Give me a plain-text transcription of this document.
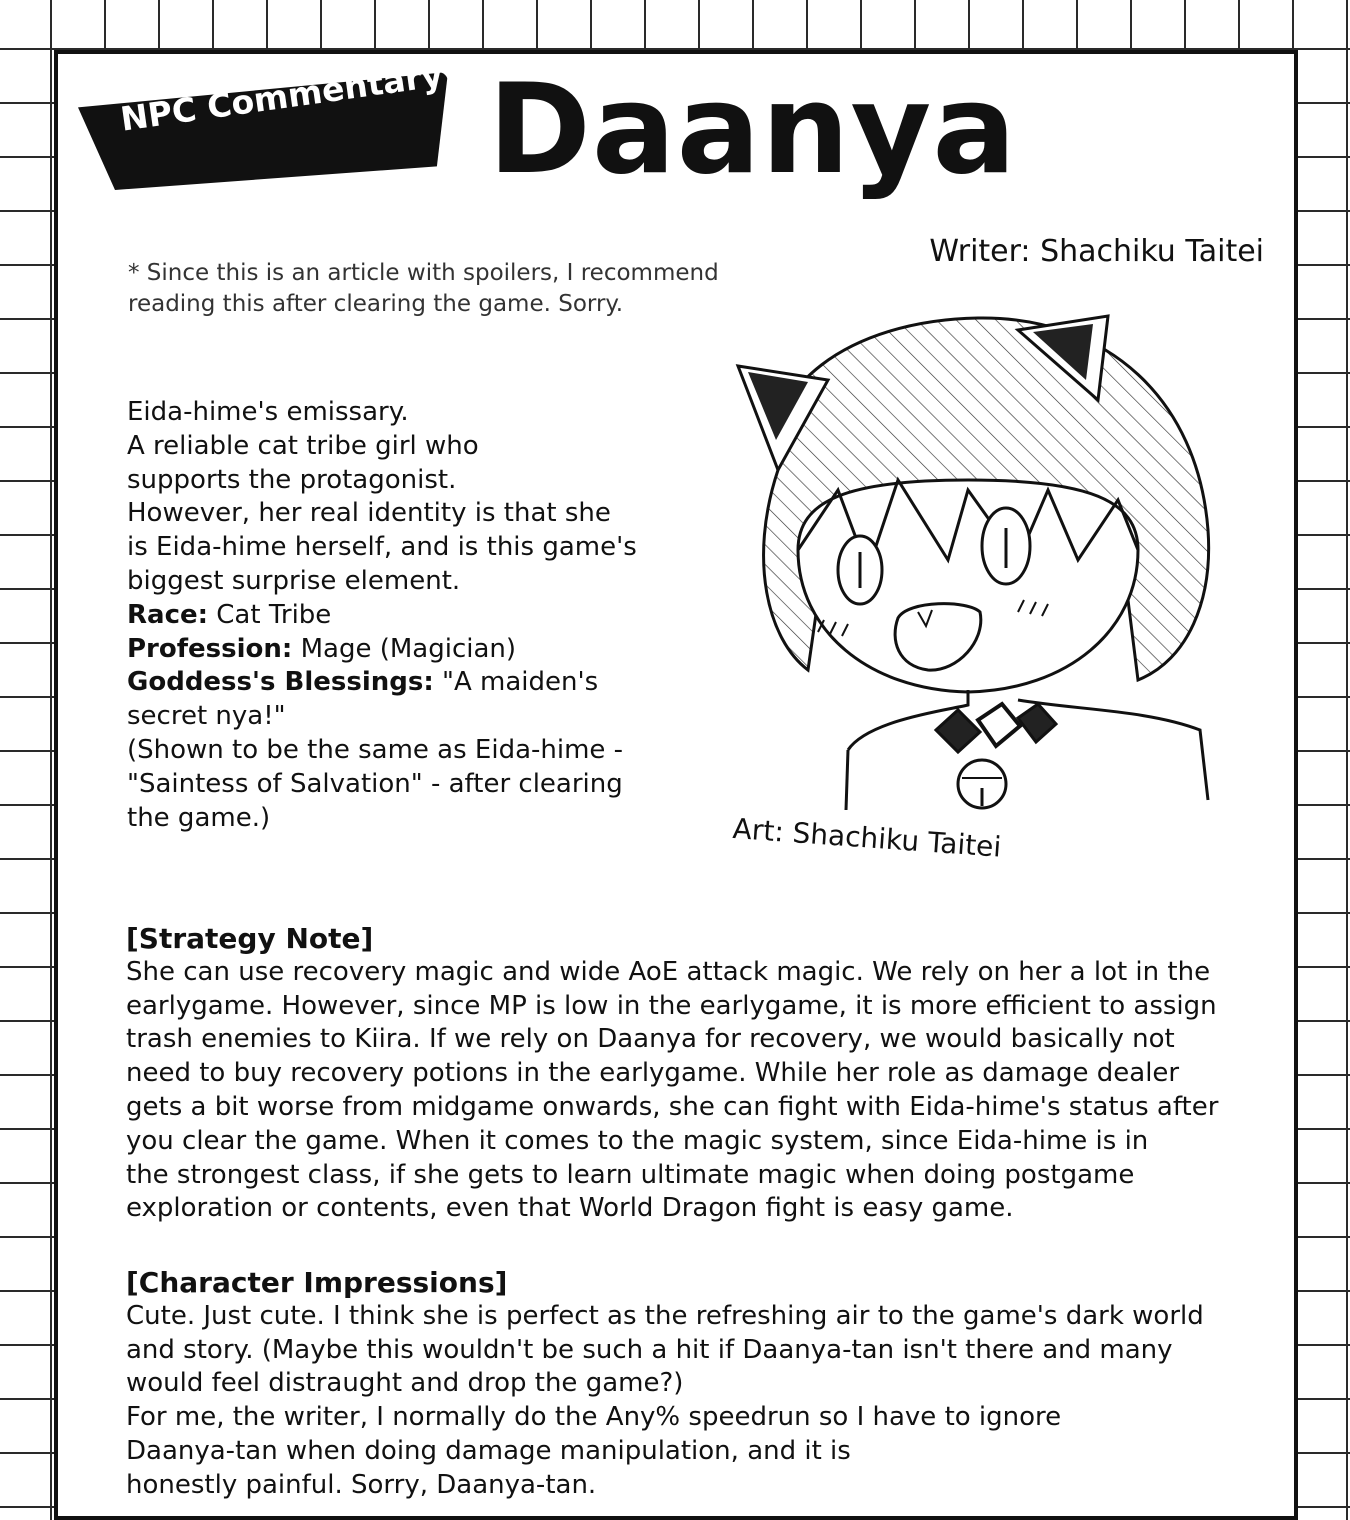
NPC Commentary Daanya
Writer: Shachiku Taitei
* Since this is an article with spoilers, I recommend
reading this after clearing the game. Sorry.
Eida-hime's emissary.
A reliable cat tribe girl who
supports the protagonist.
However, her real identity is that she
is Eida-hime herself, and is this game's
biggest surprise element.
Race: Cat Tribe
Profession: Mage (Magician)
Goddess's Blessings: "A maiden's
secret nya!"
(Shown to be the same as Eida-hime -
"Saintess of Salvation" - after clearing
the game.)	Art: Shachiku Taitei
[Strategy Note]
She can use recovery magic and wide AoE attack magic. We rely on her a lot in the
earlygame. However, since MP is low in the earlygame, it is more efficient to assign
trash enemies to Kiira. If we rely on Daanya for recovery, we would basically not
need to buy recovery potions in the earlygame. While her role as damage dealer
gets a bit worse from midgame onwards, she can fight with Eida-hime's status after
you clear the game. When it comes to the magic system, since Eida-hime is in
the strongest class, if she gets to learn ultimate magic when doing postgame
exploration or contents, even that World Dragon fight is easy game.
[Character Impressions]
Cute. Just cute. I think she is perfect as the refreshing air to the game's dark world
and story. (Maybe this wouldn't be such a hit if Daanya-tan isn't there and many
would feel distraught and drop the game?)
For me, the writer, I normally do the Any% speedrun so I have to ignore
Daanya-tan when doing damage manipulation, and it is
honestly painful. Sorry, Daanya-tan.
